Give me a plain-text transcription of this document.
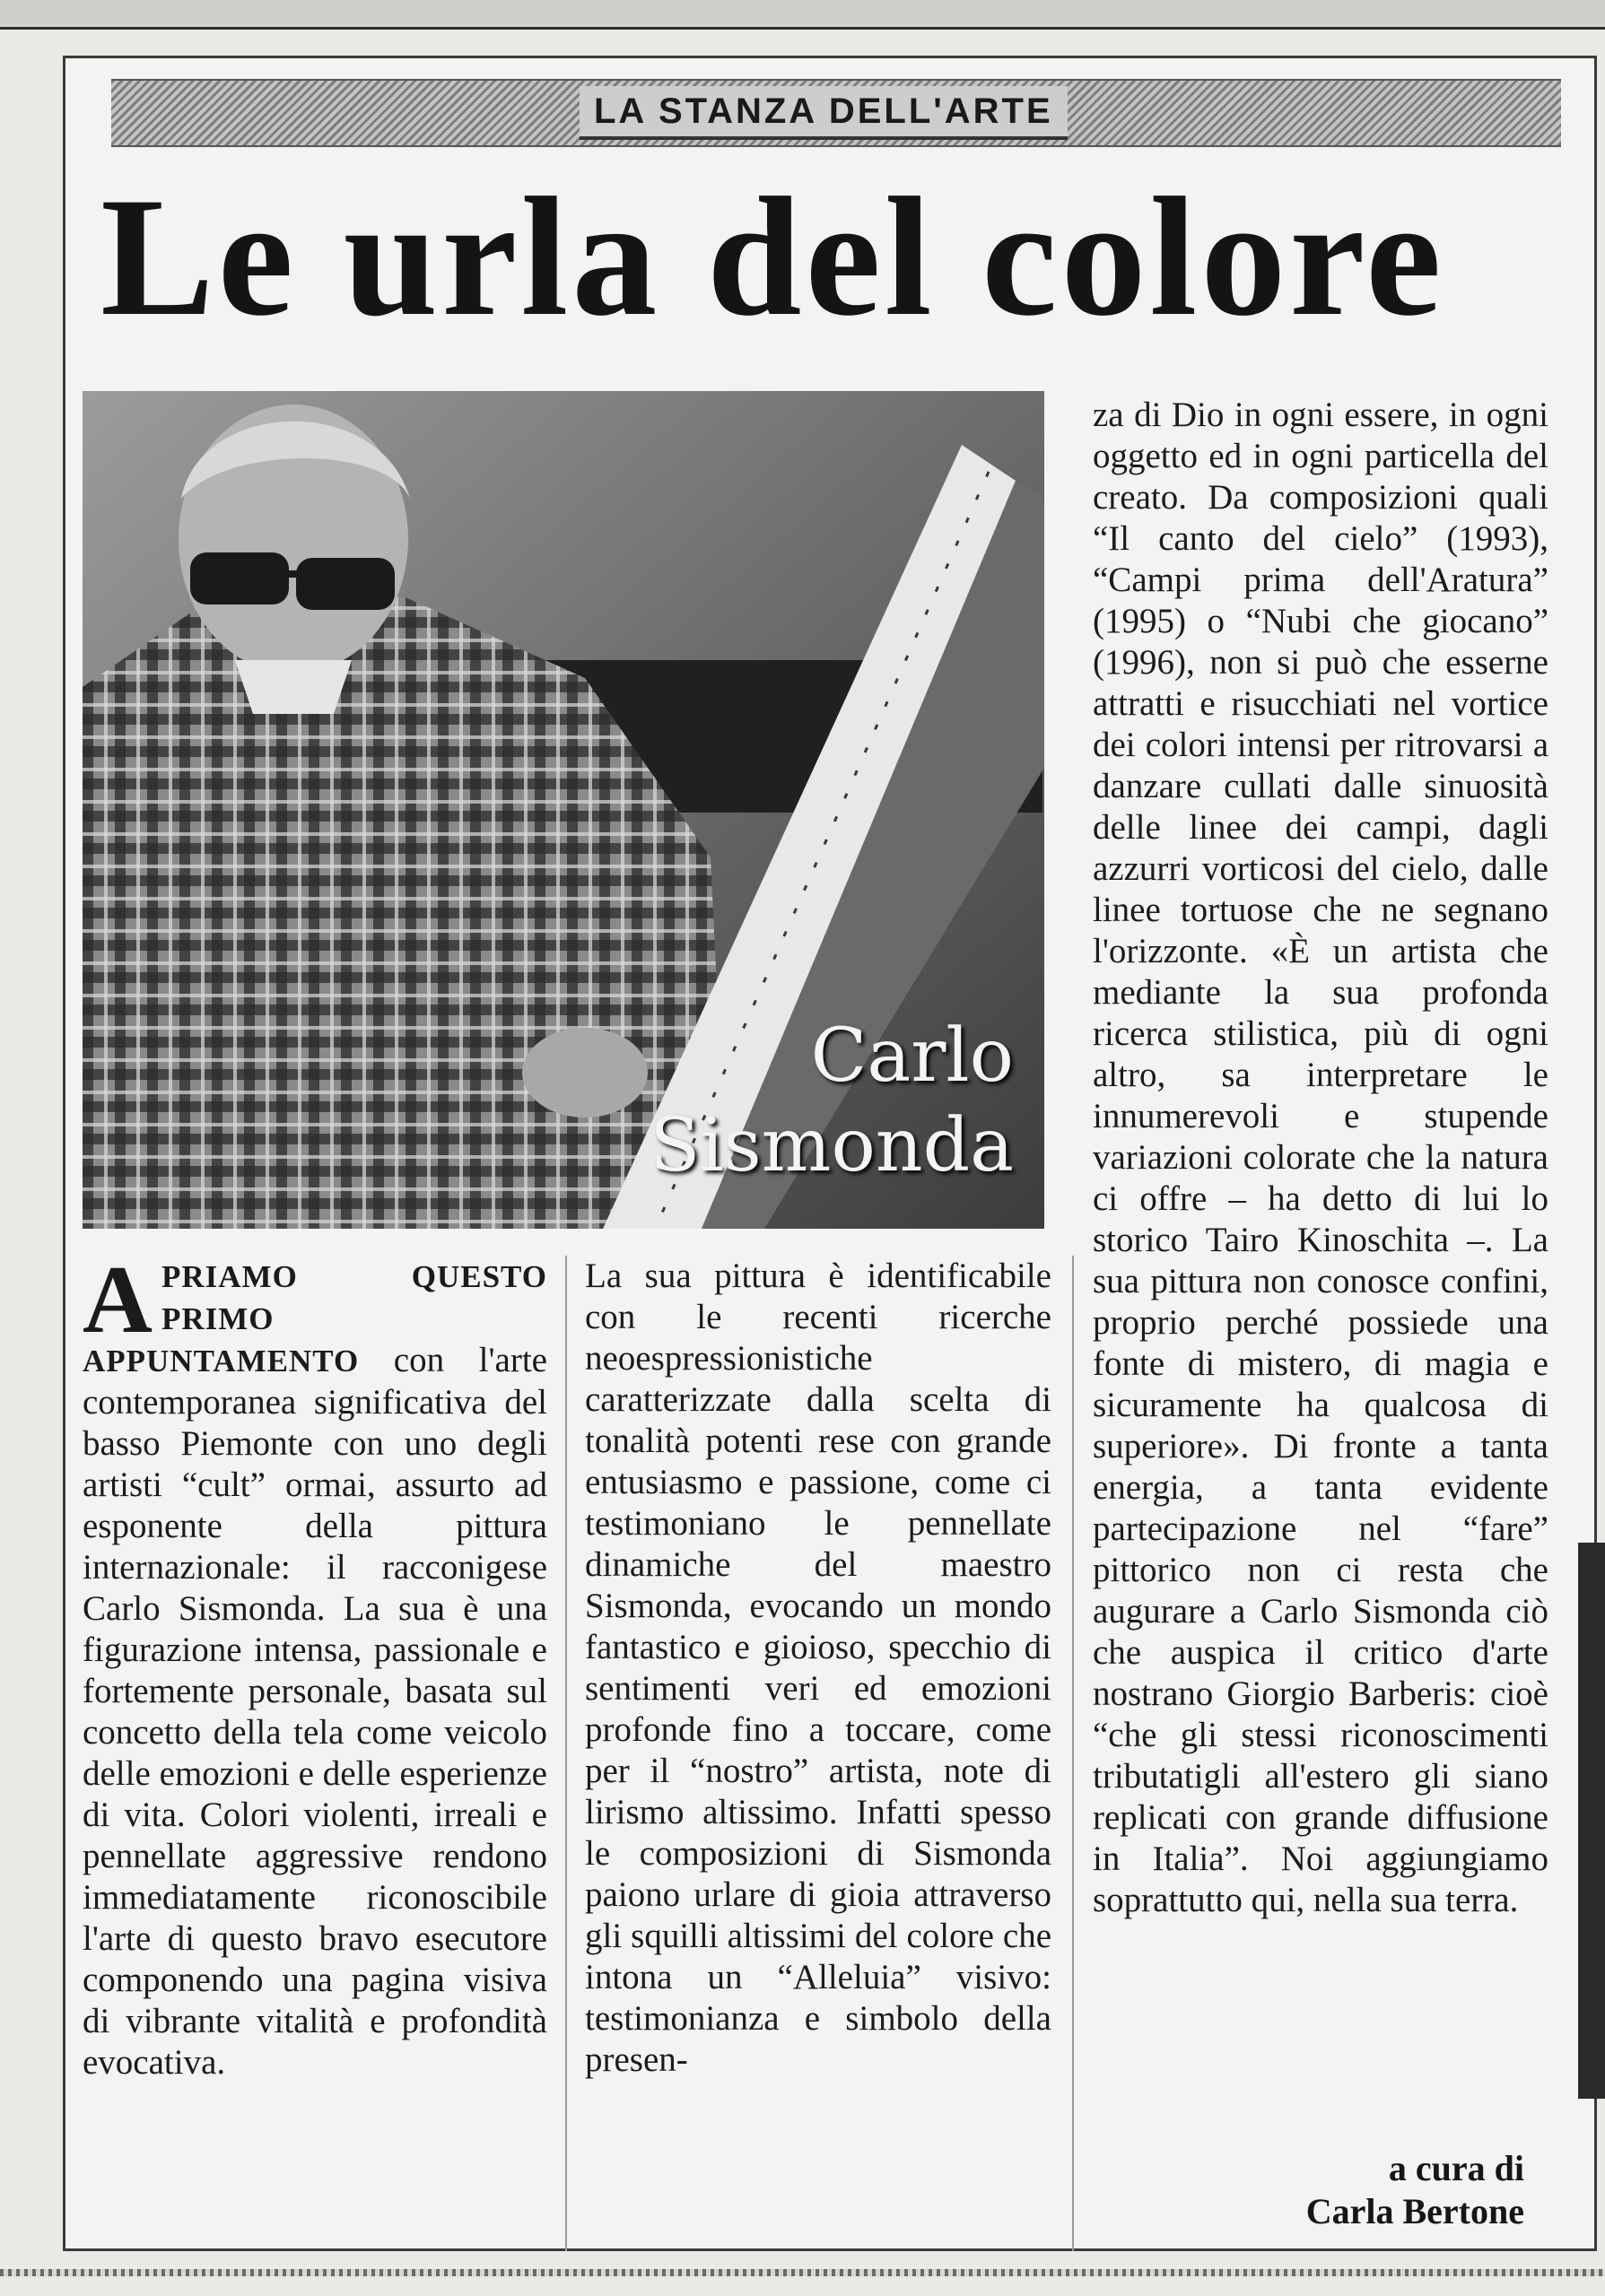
LA STANZA DELL'ARTE
Le urla del colore
Carlo
Sismonda
za di Dio in ogni essere, in ogni oggetto ed in ogni particella del creato. Da composizioni quali “Il canto del cielo” (1993), “Campi prima dell'Aratura” (1995) o “Nubi che giocano” (1996), non si può che esserne attratti e risucchiati nel vortice dei colori intensi per ritrovarsi a danzare cullati dalle sinuosità delle linee dei campi, dagli azzurri vorticosi del cielo, dalle linee tortuose che ne segnano l'orizzonte. «È un artista che mediante la sua profonda ricerca stilistica, più di ogni altro, sa interpretare le innumerevoli e stupende variazioni colorate che la natura ci offre – ha detto di lui lo storico Tairo Kinoschita –. La sua pittura non conosce confini, proprio perché possiede una fonte di mistero, di magia e sicuramente ha qualcosa di superiore». Di fronte a tanta energia, a tanta evidente partecipazione nel “fare” pittorico non ci resta che augurare a Carlo Sismonda ciò che auspica il critico d'arte nostrano Giorgio Barberis: cioè “che gli stessi riconoscimenti tributatigli all'estero gli siano replicati con grande diffusione in Italia”. Noi aggiungiamo soprattutto qui, nella sua terra.
APRIAMO QUESTO PRIMO APPUNTAMENTO con l'arte contemporanea significativa del basso Piemonte con uno degli artisti “cult” ormai, assurto ad esponente della pittura internazionale: il racconigese Carlo Sismonda. La sua è una figurazione intensa, passionale e fortemente personale, basata sul concetto della tela come veicolo delle emozioni e delle esperienze di vita. Colori violenti, irreali e pennellate aggressive rendono immediatamente riconoscibile l'arte di questo bravo esecutore componendo una pagina visiva di vibrante vitalità e profondità evocativa.
La sua pittura è identificabile con le recenti ricerche neoespressionistiche caratterizzate dalla scelta di tonalità potenti rese con grande entusiasmo e passione, come ci testimoniano le pennellate dinamiche del maestro Sismonda, evocando un mondo fantastico e gioioso, specchio di sentimenti veri ed emozioni profonde fino a toccare, come per il “nostro” artista, note di lirismo altissimo. Infatti spesso le composizioni di Sismonda paiono urlare di gioia attraverso gli squilli altissimi del colore che intona un “Alleluia” visivo: testimonianza e simbolo della presen-
a cura di
Carla Bertone
